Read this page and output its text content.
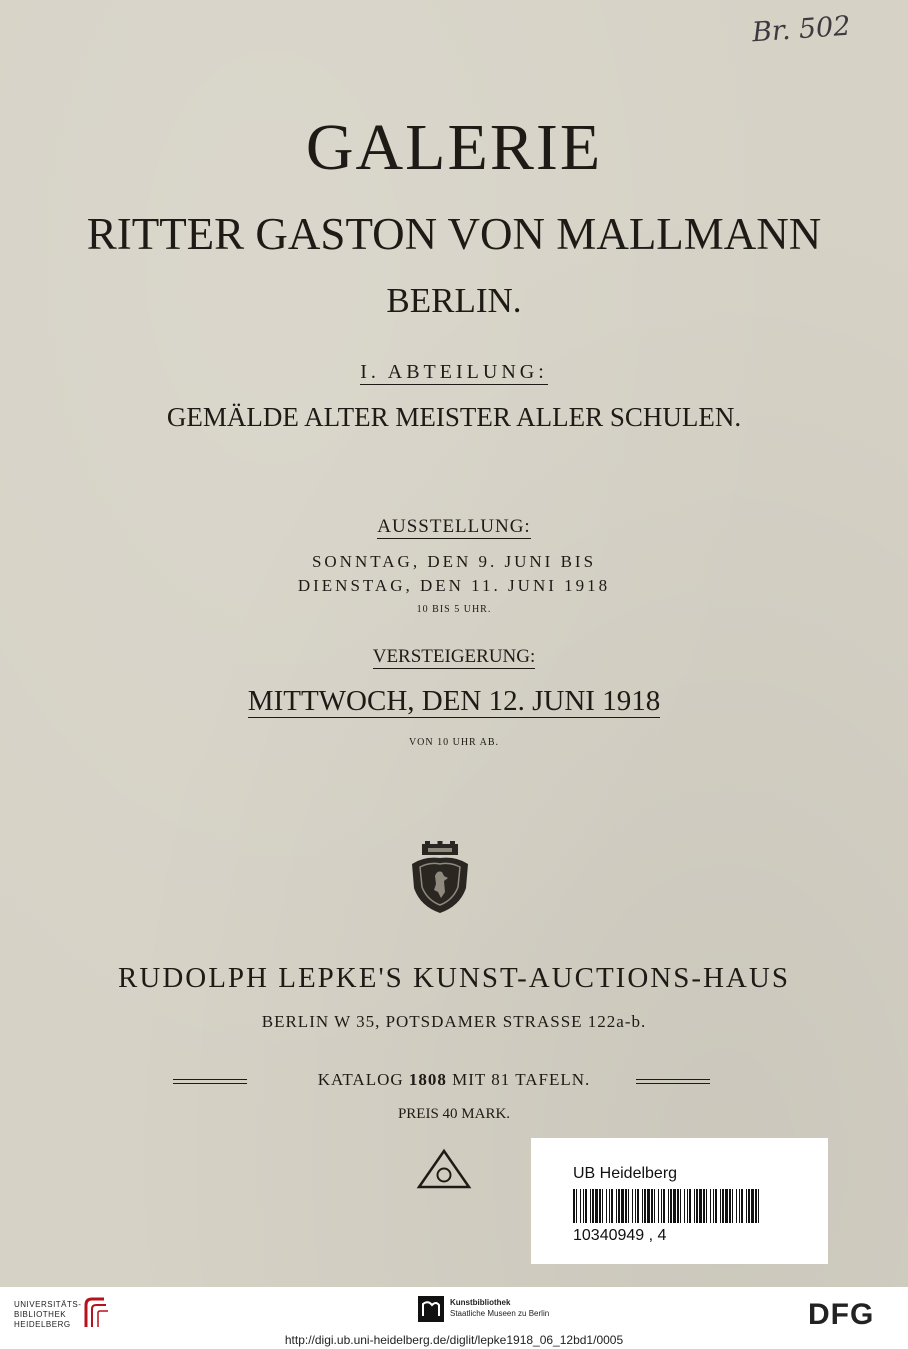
Br. 502
GALERIE
RITTER GASTON VON MALLMANN
BERLIN.
I. ABTEILUNG:
GEMÄLDE ALTER MEISTER ALLER SCHULEN.
AUSSTELLUNG:
SONNTAG, DEN 9. JUNI BIS
DIENSTAG, DEN 11. JUNI 1918
10 BIS 5 UHR.
VERSTEIGERUNG:
MITTWOCH, DEN 12. JUNI 1918
VON 10 UHR AB.
RUDOLPH LEPKE'S KUNST-AUCTIONS-HAUS
BERLIN W 35, POTSDAMER STRASSE 122a-b.
KATALOG 1808 MIT 81 TAFELN.
PREIS 40 MARK.
UB Heidelberg
10340949 , 4
UNIVERSITÄTS-
BIBLIOTHEK
HEIDELBERG
Kunstbibliothek
Staatliche Museen zu Berlin	DFG
http://digi.ub.uni-heidelberg.de/diglit/lepke1918_06_12bd1/0005
